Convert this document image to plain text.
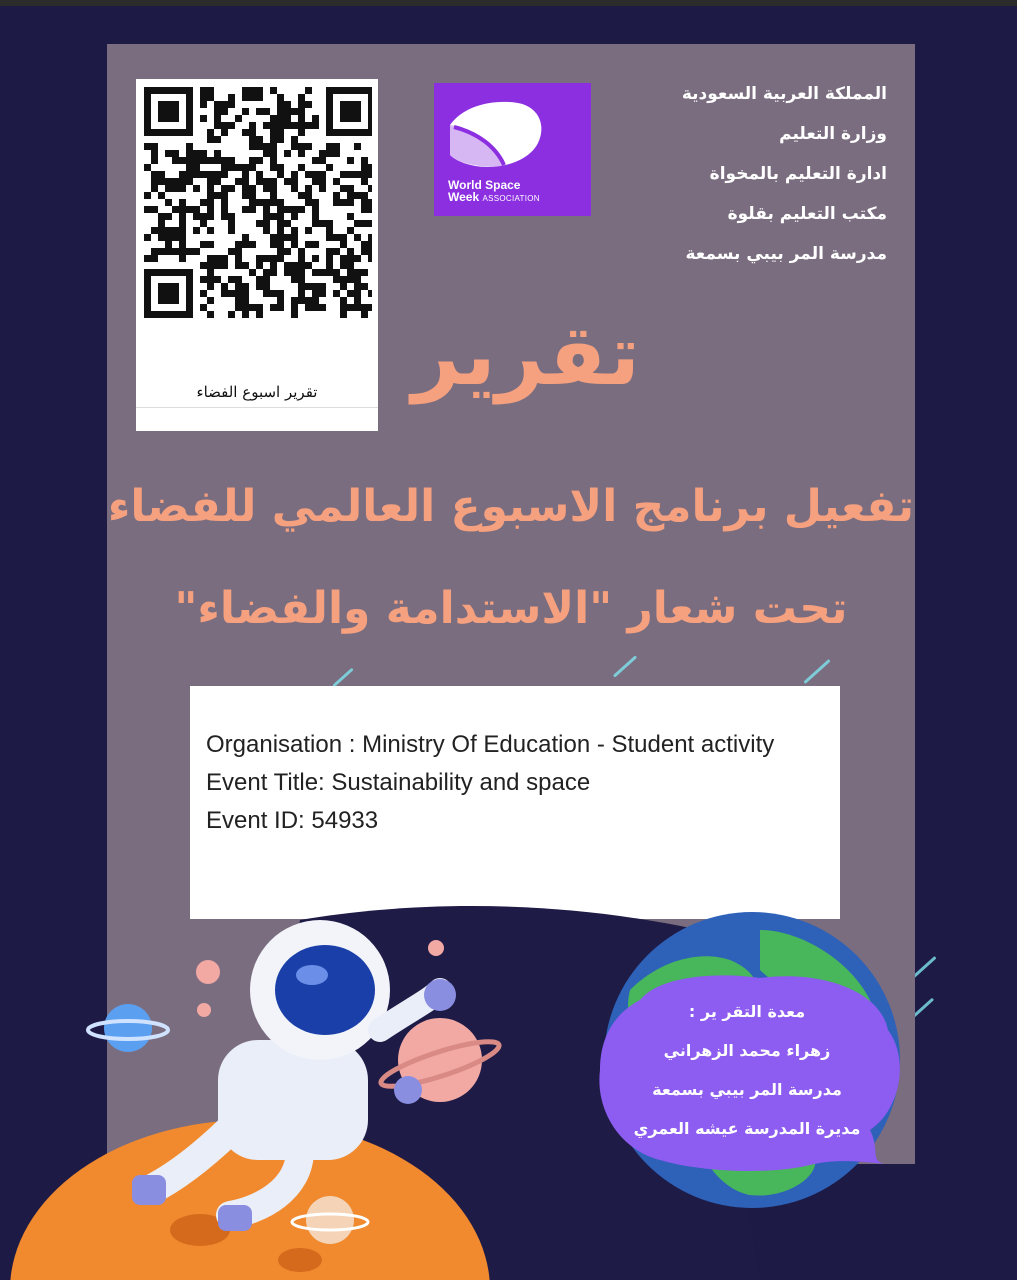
تقرير اسبوع الفضاء
World Space
Week ASSOCIATION
المملكة العربية السعودية
وزارة التعليم
ادارة التعليم بالمخواة
مكتب التعليم بقلوة
مدرسة المر بيبي بسمعة
تقرير
تفعيل برنامج الاسبوع العالمي للفضاء
تحت شعار "الاستدامة والفضاء"
Organisation : Ministry Of Education - Student activity
Event Title: Sustainability and space
Event ID: 54933
معدة التقر ير :
زهراء محمد الزهراني
مدرسة المر بيبي بسمعة
مديرة المدرسة عيشه العمري
